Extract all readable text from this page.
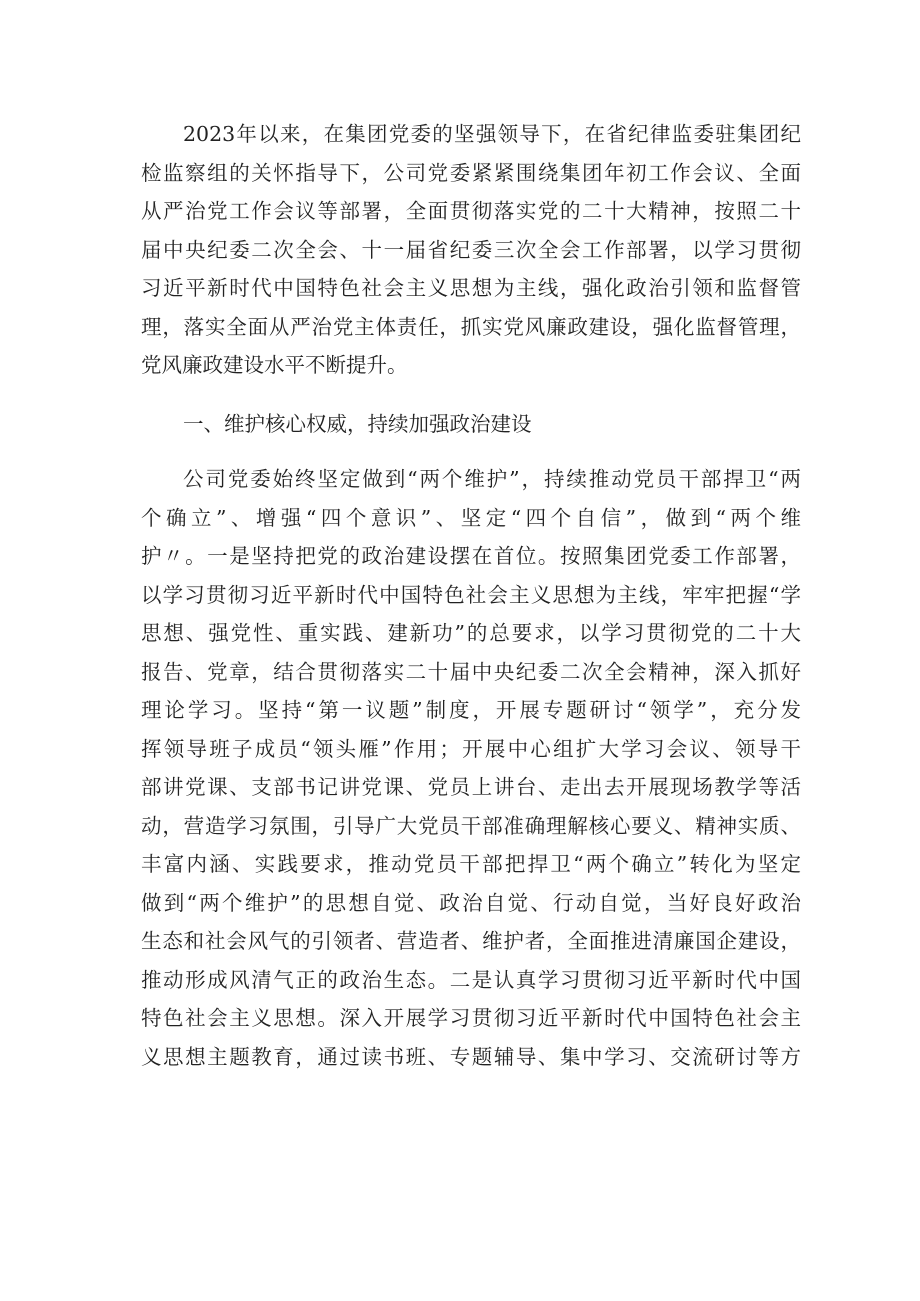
2023年以来，在集团党委的坚强领导下，在省纪律监委驻集团纪
检监察组的关怀指导下，公司党委紧紧围绕集团年初工作会议、全面
从严治党工作会议等部署，全面贯彻落实党的二十大精神，按照二十
届中央纪委二次全会、十一届省纪委三次全会工作部署，以学习贯彻
习近平新时代中国特色社会主义思想为主线，强化政治引领和监督管
理，落实全面从严治党主体责任，抓实党风廉政建设，强化监督管理，
党风廉政建设水平不断提升。
一、维护核心权威，持续加强政治建设
公司党委始终坚定做到“两个维护”，持续推动党员干部捍卫“两
个确立”、增强“四个意识”、坚定“四个自信”，做到“两个维
护〃。一是坚持把党的政治建设摆在首位。按照集团党委工作部署，
以学习贯彻习近平新时代中国特色社会主义思想为主线，牢牢把握“学
思想、强党性、重实践、建新功”的总要求，以学习贯彻党的二十大
报告、党章，结合贯彻落实二十届中央纪委二次全会精神，深入抓好
理论学习。坚持“第一议题”制度，开展专题研讨“领学”，充分发
挥领导班子成员“领头雁”作用；开展中心组扩大学习会议、领导干
部讲党课、支部书记讲党课、党员上讲台、走出去开展现场教学等活
动，营造学习氛围，引导广大党员干部准确理解核心要义、精神实质、
丰富内涵、实践要求，推动党员干部把捍卫“两个确立”转化为坚定
做到“两个维护”的思想自觉、政治自觉、行动自觉，当好良好政治
生态和社会风气的引领者、营造者、维护者，全面推进清廉国企建设，
推动形成风清气正的政治生态。二是认真学习贯彻习近平新时代中国
特色社会主义思想。深入开展学习贯彻习近平新时代中国特色社会主
义思想主题教育，通过读书班、专题辅导、集中学习、交流研讨等方
